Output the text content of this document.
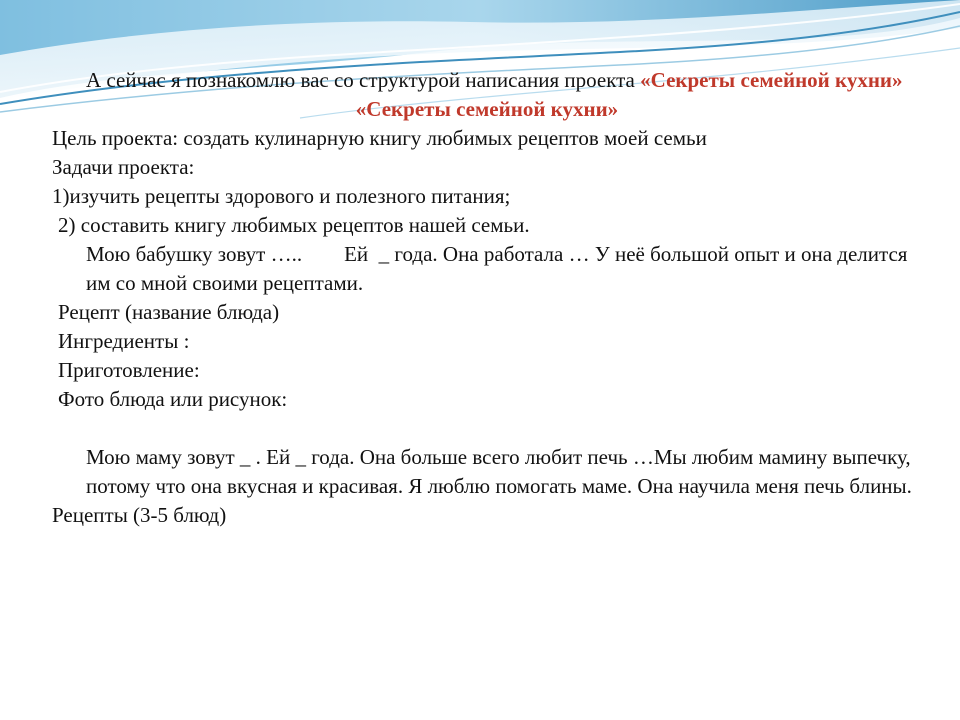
А сейчас я познакомлю вас со структурой написания проекта «Секреты семейной кухни»

«Секреты семейной кухни»

Цель проекта: создать кулинарную книгу любимых рецептов моей семьи

Задачи проекта:

1)изучить рецепты здорового и полезного питания;

2) составить книгу любимых рецептов нашей семьи.

Мою бабушку зовут …..        Ей  _ года. Она работала … У неё большой опыт и она делится им со мной своими рецептами.

Рецепт (название блюда)

Ингредиенты :

Приготовление:

Фото блюда или рисунок:

Мою маму зовут _ . Ей _ года. Она больше всего любит печь …Мы любим мамину выпечку, потому что она вкусная и красивая. Я люблю помогать маме. Она научила меня печь блины.

Рецепты (3-5 блюд)
